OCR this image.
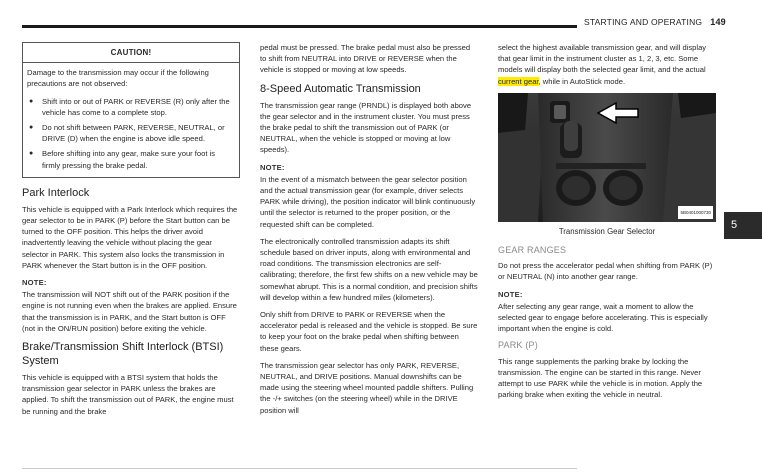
STARTING AND OPERATING 149
5
CAUTION!

Damage to the transmission may occur if the following precautions are not observed:

● Shift into or out of PARK or REVERSE (R) only after the vehicle has come to a complete stop.
● Do not shift between PARK, REVERSE, NEUTRAL, or DRIVE (D) when the engine is above idle speed.
● Before shifting into any gear, make sure your foot is firmly pressing the brake pedal.
Park Interlock

This vehicle is equipped with a Park Interlock which requires the gear selector to be in PARK (P) before the Start button can be turned to the OFF position. This helps the driver avoid inadvertently leaving the vehicle without placing the gear selector in PARK. This system also locks the transmission in PARK whenever the Start button is in the OFF position.

NOTE:

The transmission will NOT shift out of the PARK position if the engine is not running even when the brakes are applied. Ensure that the transmission is in PARK, and the Start button is OFF (not in the ON/RUN position) before exiting the vehicle.

Brake/Transmission Shift Interlock (BTSI) System

This vehicle is equipped with a BTSI system that holds the transmission gear selector in PARK unless the brakes are applied. To shift the transmission out of PARK, the engine must be running and the brake

pedal must be pressed. The brake pedal must also be pressed to shift from NEUTRAL into DRIVE or REVERSE when the vehicle is stopped or moving at low speeds.

8-Speed Automatic Transmission

The transmission gear range (PRNDL) is displayed both above the gear selector and in the instrument cluster. You must press the brake pedal to shift the transmission out of PARK (or NEUTRAL, when the vehicle is stopped or moving at low speeds).

NOTE:

In the event of a mismatch between the gear selector position and the actual transmission gear (for example, driver selects PARK while driving), the position indicator will blink continuously until the selector is returned to the proper position, or the requested shift can be completed.

The electronically controlled transmission adapts its shift schedule based on driver inputs, along with environmental and road conditions. The transmission electronics are self-calibrating; therefore, the first few shifts on a new vehicle may be somewhat abrupt. This is a normal condition, and precision shifts will develop within a few hundred miles (kilometers).

Only shift from DRIVE to PARK or REVERSE when the accelerator pedal is released and the vehicle is stopped. Be sure to keep your foot on the brake pedal when shifting between these gears.

The transmission gear selector has only PARK, REVERSE, NEUTRAL, and DRIVE positions. Manual downshifts can be made using the steering wheel mounted paddle shifters. Pulling the -/+ switches (on the steering wheel) while in the DRIVE position will

select the highest available transmission gear, and will display that gear limit in the instrument cluster as 1, 2, 3, etc. Some models will display both the selected gear limit, and the actual current gear, while in AutoStick mode.

5B0401000730
Transmission Gear Selector
GEAR RANGES

Do not press the accelerator pedal when shifting from PARK (P) or NEUTRAL (N) into another gear range.

NOTE:

After selecting any gear range, wait a moment to allow the selected gear to engage before accelerating. This is especially important when the engine is cold.

PARK (P)

This range supplements the parking brake by locking the transmission. The engine can be started in this range. Never attempt to use PARK while the vehicle is in motion. Apply the parking brake when exiting the vehicle in neutral.
